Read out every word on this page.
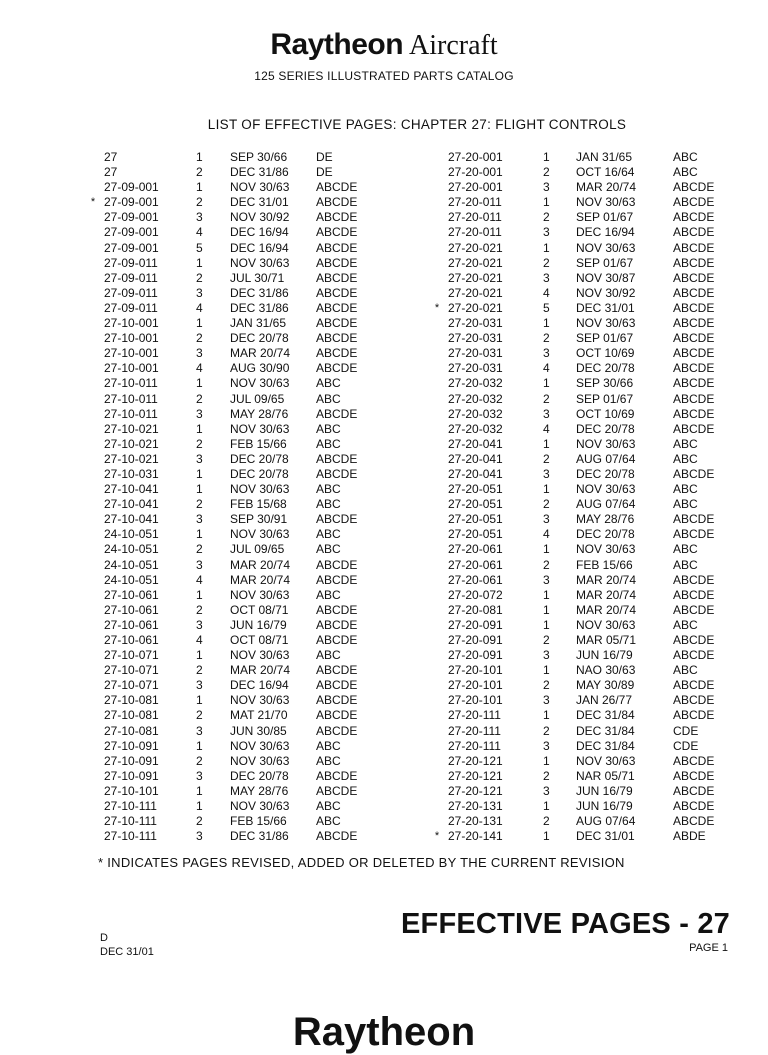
Raytheon Aircraft
125 SERIES ILLUSTRATED PARTS CATALOG
LIST OF EFFECTIVE PAGES: CHAPTER 27: FLIGHT CONTROLS
27	1 SEP 30/66 DE
27	2 DEC 31/86 DE
27-09-001	1 NOV 30/63 ABCDE
* 27-09-001	2 DEC 31/01 ABCDE
27-09-001	3 NOV 30/92 ABCDE
27-09-001	4 DEC 16/94 ABCDE
27-09-001	5 DEC 16/94 ABCDE
27-09-011	1 NOV 30/63 ABCDE
27-09-011	2 JUL 30/71	ABCDE
27-09-011	3 DEC 31/86 ABCDE
27-09-011	4 DEC 31/86 ABCDE
27-10-001	1 JAN 31/65 ABCDE
27-10-001	2 DEC 20/78 ABCDE
27-10-001	3 MAR 20/74 ABCDE
27-10-001	4 AUG 30/90 ABCDE
27-10-011	1 NOV 30/63 ABC
27-10-011	2 JUL 09/65	ABC
27-10-011	3 MAY 28/76 ABCDE
27-10-021	1 NOV 30/63 ABC
27-10-021	2 FEB 15/66 ABC
27-10-021	3 DEC 20/78 ABCDE
27-10-031	1 DEC 20/78 ABCDE
27-10-041	1 NOV 30/63 ABC
27-10-041	2 FEB 15/68 ABC
27-10-041	3 SEP 30/91 ABCDE
24-10-051	1 NOV 30/63 ABC
24-10-051	2 JUL 09/65	ABC
24-10-051	3 MAR 20/74 ABCDE
24-10-051	4 MAR 20/74 ABCDE
27-10-061	1 NOV 30/63 ABC
27-10-061	2 OCT 08/71 ABCDE
27-10-061	3 JUN 16/79 ABCDE
27-10-061	4 OCT 08/71 ABCDE
27-10-071	1 NOV 30/63 ABC
27-10-071	2 MAR 20/74 ABCDE
27-10-071	3 DEC 16/94 ABCDE
27-10-081	1 NOV 30/63 ABCDE
27-10-081	2 MAT 21/70 ABCDE
27-10-081	3 JUN 30/85 ABCDE
27-10-091	1 NOV 30/63 ABC
27-10-091	2 NOV 30/63 ABC
27-10-091	3 DEC 20/78 ABCDE
27-10-101	1 MAY 28/76 ABCDE
27-10-111	1 NOV 30/63 ABC
27-10-111	2 FEB 15/66 ABC
27-10-111	3 DEC 31/86 ABCDE
27-20-001	1 JAN 31/65	ABC
27-20-001	2 OCT 16/64	ABC
27-20-001	3 MAR 20/74	ABCDE
27-20-011	1 NOV 30/63	ABCDE
27-20-011	2 SEP 01/67	ABCDE
27-20-011	3 DEC 16/94	ABCDE
27-20-021	1 NOV 30/63	ABCDE
27-20-021	2 SEP 01/67	ABCDE
27-20-021	3 NOV 30/87	ABCDE
27-20-021	4 NOV 30/92	ABCDE
* 27-20-021	5 DEC 31/01	ABCDE
27-20-031	1 NOV 30/63	ABCDE
27-20-031	2 SEP 01/67	ABCDE
27-20-031	3 OCT 10/69	ABCDE
27-20-031	4 DEC 20/78	ABCDE
27-20-032	1 SEP 30/66	ABCDE
27-20-032	2 SEP 01/67	ABCDE
27-20-032	3 OCT 10/69	ABCDE
27-20-032	4 DEC 20/78	ABCDE
27-20-041	1 NOV 30/63	ABC
27-20-041	2 AUG 07/64	ABC
27-20-041	3 DEC 20/78	ABCDE
27-20-051	1 NOV 30/63	ABC
27-20-051	2 AUG 07/64	ABC
27-20-051	3 MAY 28/76	ABCDE
27-20-051	4 DEC 20/78	ABCDE
27-20-061	1 NOV 30/63	ABC
27-20-061	2 FEB 15/66	ABC
27-20-061	3 MAR 20/74	ABCDE
27-20-072	1 MAR 20/74	ABCDE
27-20-081	1 MAR 20/74	ABCDE
27-20-091	1 NOV 30/63	ABC
27-20-091	2 MAR 05/71	ABCDE
27-20-091	3 JUN 16/79	ABCDE
27-20-101	1 NAO 30/63	ABC
27-20-101	2 MAY 30/89	ABCDE
27-20-101	3 JAN 26/77	ABCDE
27-20-111	1 DEC 31/84	ABCDE
27-20-111	2 DEC 31/84	CDE
27-20-111	3 DEC 31/84	CDE
27-20-121	1 NOV 30/63	ABCDE
27-20-121	2 NAR 05/71	ABCDE
27-20-121	3 JUN 16/79	ABCDE
27-20-131	1 JUN 16/79	ABCDE
27-20-131	2 AUG 07/64	ABCDE
* 27-20-141	1 DEC 31/01	ABDE
* INDICATES PAGES REVISED, ADDED OR DELETED BY THE CURRENT REVISION
D
DEC 31/01
EFFECTIVE PAGES - 27
PAGE 1
Raytheon
